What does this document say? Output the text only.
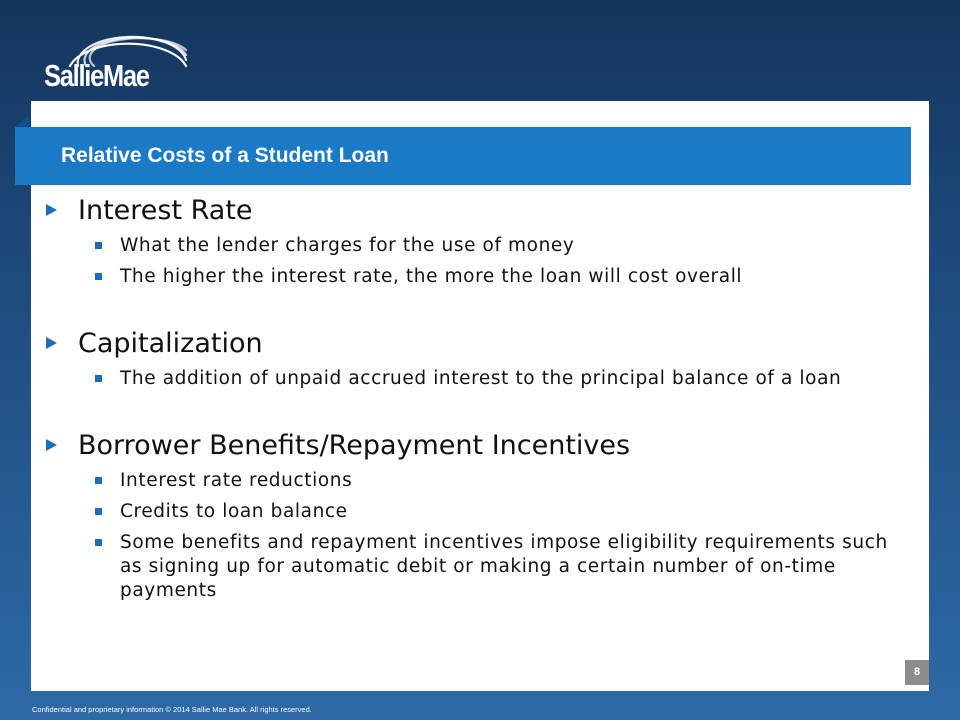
SallieMae
Relative Costs of a Student Loan
Interest Rate
What the lender charges for the use of money
The higher the interest rate, the more the loan will cost overall
Capitalization
The addition of unpaid accrued interest to the principal balance of a loan
Borrower Benefits/Repayment Incentives
Interest rate reductions
Credits to loan balance
Some benefits and repayment incentives impose eligibility requirements such as signing up for automatic debit or making a certain number of on-time payments
8
Confidential and proprietary information © 2014 Sallie Mae Bank. All rights reserved.
